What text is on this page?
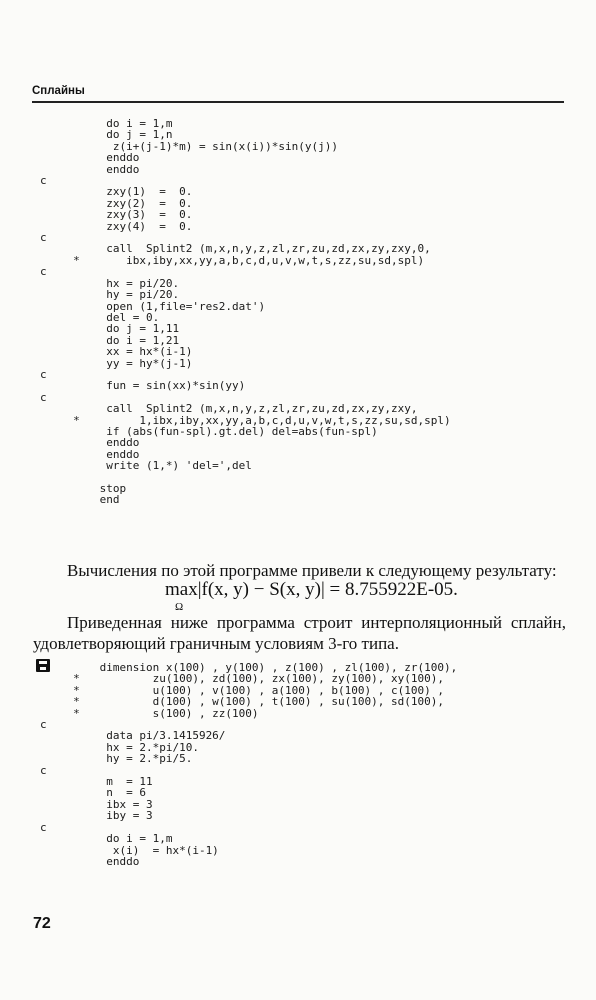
Сплайны
do i = 1,m
do j = 1,n
z(i+(j-1)*m) = sin(x(i))*sin(y(j))
enddo
enddo
c
zxy(1)  =  0.
zxy(2)  =  0.
zxy(3)  =  0.
zxy(4)  =  0.
c
call  Splint2 (m,x,n,y,z,zl,zr,zu,zd,zx,zy,zxy,0,
*       ibx,iby,xx,yy,a,b,c,d,u,v,w,t,s,zz,su,sd,spl)
c
hx = pi/20.
hy = pi/20.
open (1,file='res2.dat')
del = 0.
do j = 1,11
do i = 1,21
xx = hx*(i-1)
yy = hy*(j-1)
c
fun = sin(xx)*sin(yy)
c
call  Splint2 (m,x,n,y,z,zl,zr,zu,zd,zx,zy,zxy,
*         1,ibx,iby,xx,yy,a,b,c,d,u,v,w,t,s,zz,su,sd,spl)
if (abs(fun-spl).gt.del) del=abs(fun-spl)
enddo
enddo
write (1,*) 'del=',del

stop
end
Вычисления по этой программе привели к следующему результату:
max
Ω
|f(x, y) − S(x, y)| = 8.755922E-05.
Приведенная ниже программа строит интерполяционный сплайн, удовлетворяющий граничным условиям 3-го типа.
dimension x(100) , y(100) , z(100) , zl(100), zr(100),
*           zu(100), zd(100), zx(100), zy(100), xy(100),
*           u(100) , v(100) , a(100) , b(100) , c(100) ,
*           d(100) , w(100) , t(100) , su(100), sd(100),
*           s(100) , zz(100)
c
data pi/3.1415926/
hx = 2.*pi/10.
hy = 2.*pi/5.
c
m  = 11
n  = 6
ibx = 3
iby = 3
c
do i = 1,m
x(i)  = hx*(i-1)
enddo
72
